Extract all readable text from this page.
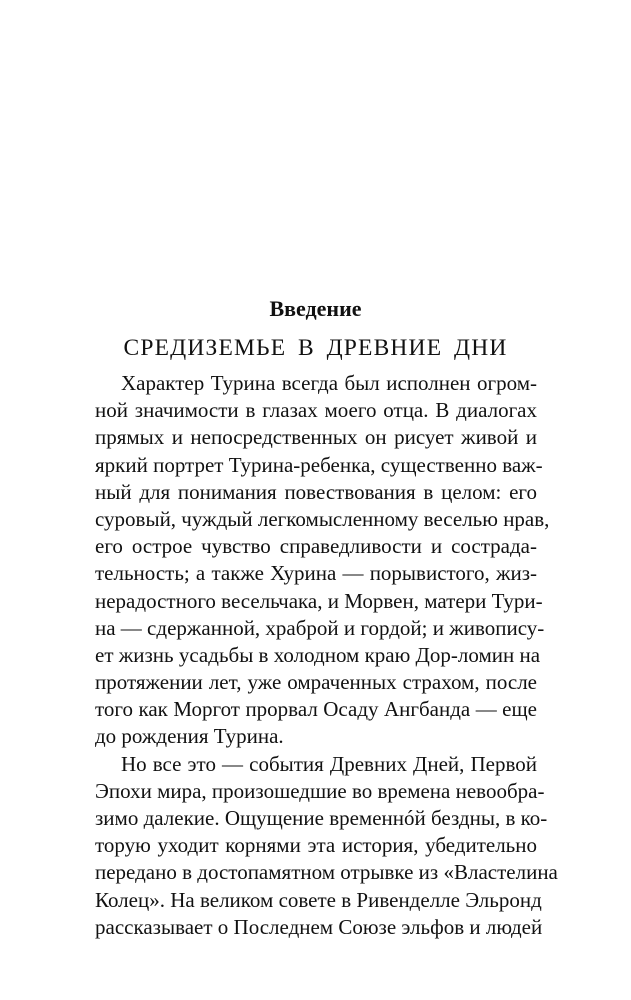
Введение
СРЕДИЗЕМЬЕ В ДРЕВНИЕ ДНИ

Характер Турина всегда был исполнен огром-
ной значимости в глазах моего отца. В диалогах
прямых и непосредственных он рисует живой и
яркий портрет Турина-ребенка, существенно важ-
ный для понимания повествования в целом: его
суровый, чуждый легкомысленному веселью нрав,
его острое чувство справедливости и сострада-
тельность; а также Хурина — порывистого, жиз-
нерадостного весельчака, и Морвен, матери Тури-
на — сдержанной, храброй и гордой; и живопису-
ет жизнь усадьбы в холодном краю Дор-ломин на
протяжении лет, уже омраченных страхом, после
того как Моргот прорвал Осаду Ангбанда — еще
до рождения Турина.

Но все это — события Древних Дней, Первой
Эпохи мира, произошедшие во времена невообра-
зимо далекие. Ощущение временнóй бездны, в ко-
торую уходит корнями эта история, убедительно
передано в достопамятном отрывке из «Властелина
Колец». На великом совете в Ривенделле Эльронд
рассказывает о Последнем Союзе эльфов и людей
